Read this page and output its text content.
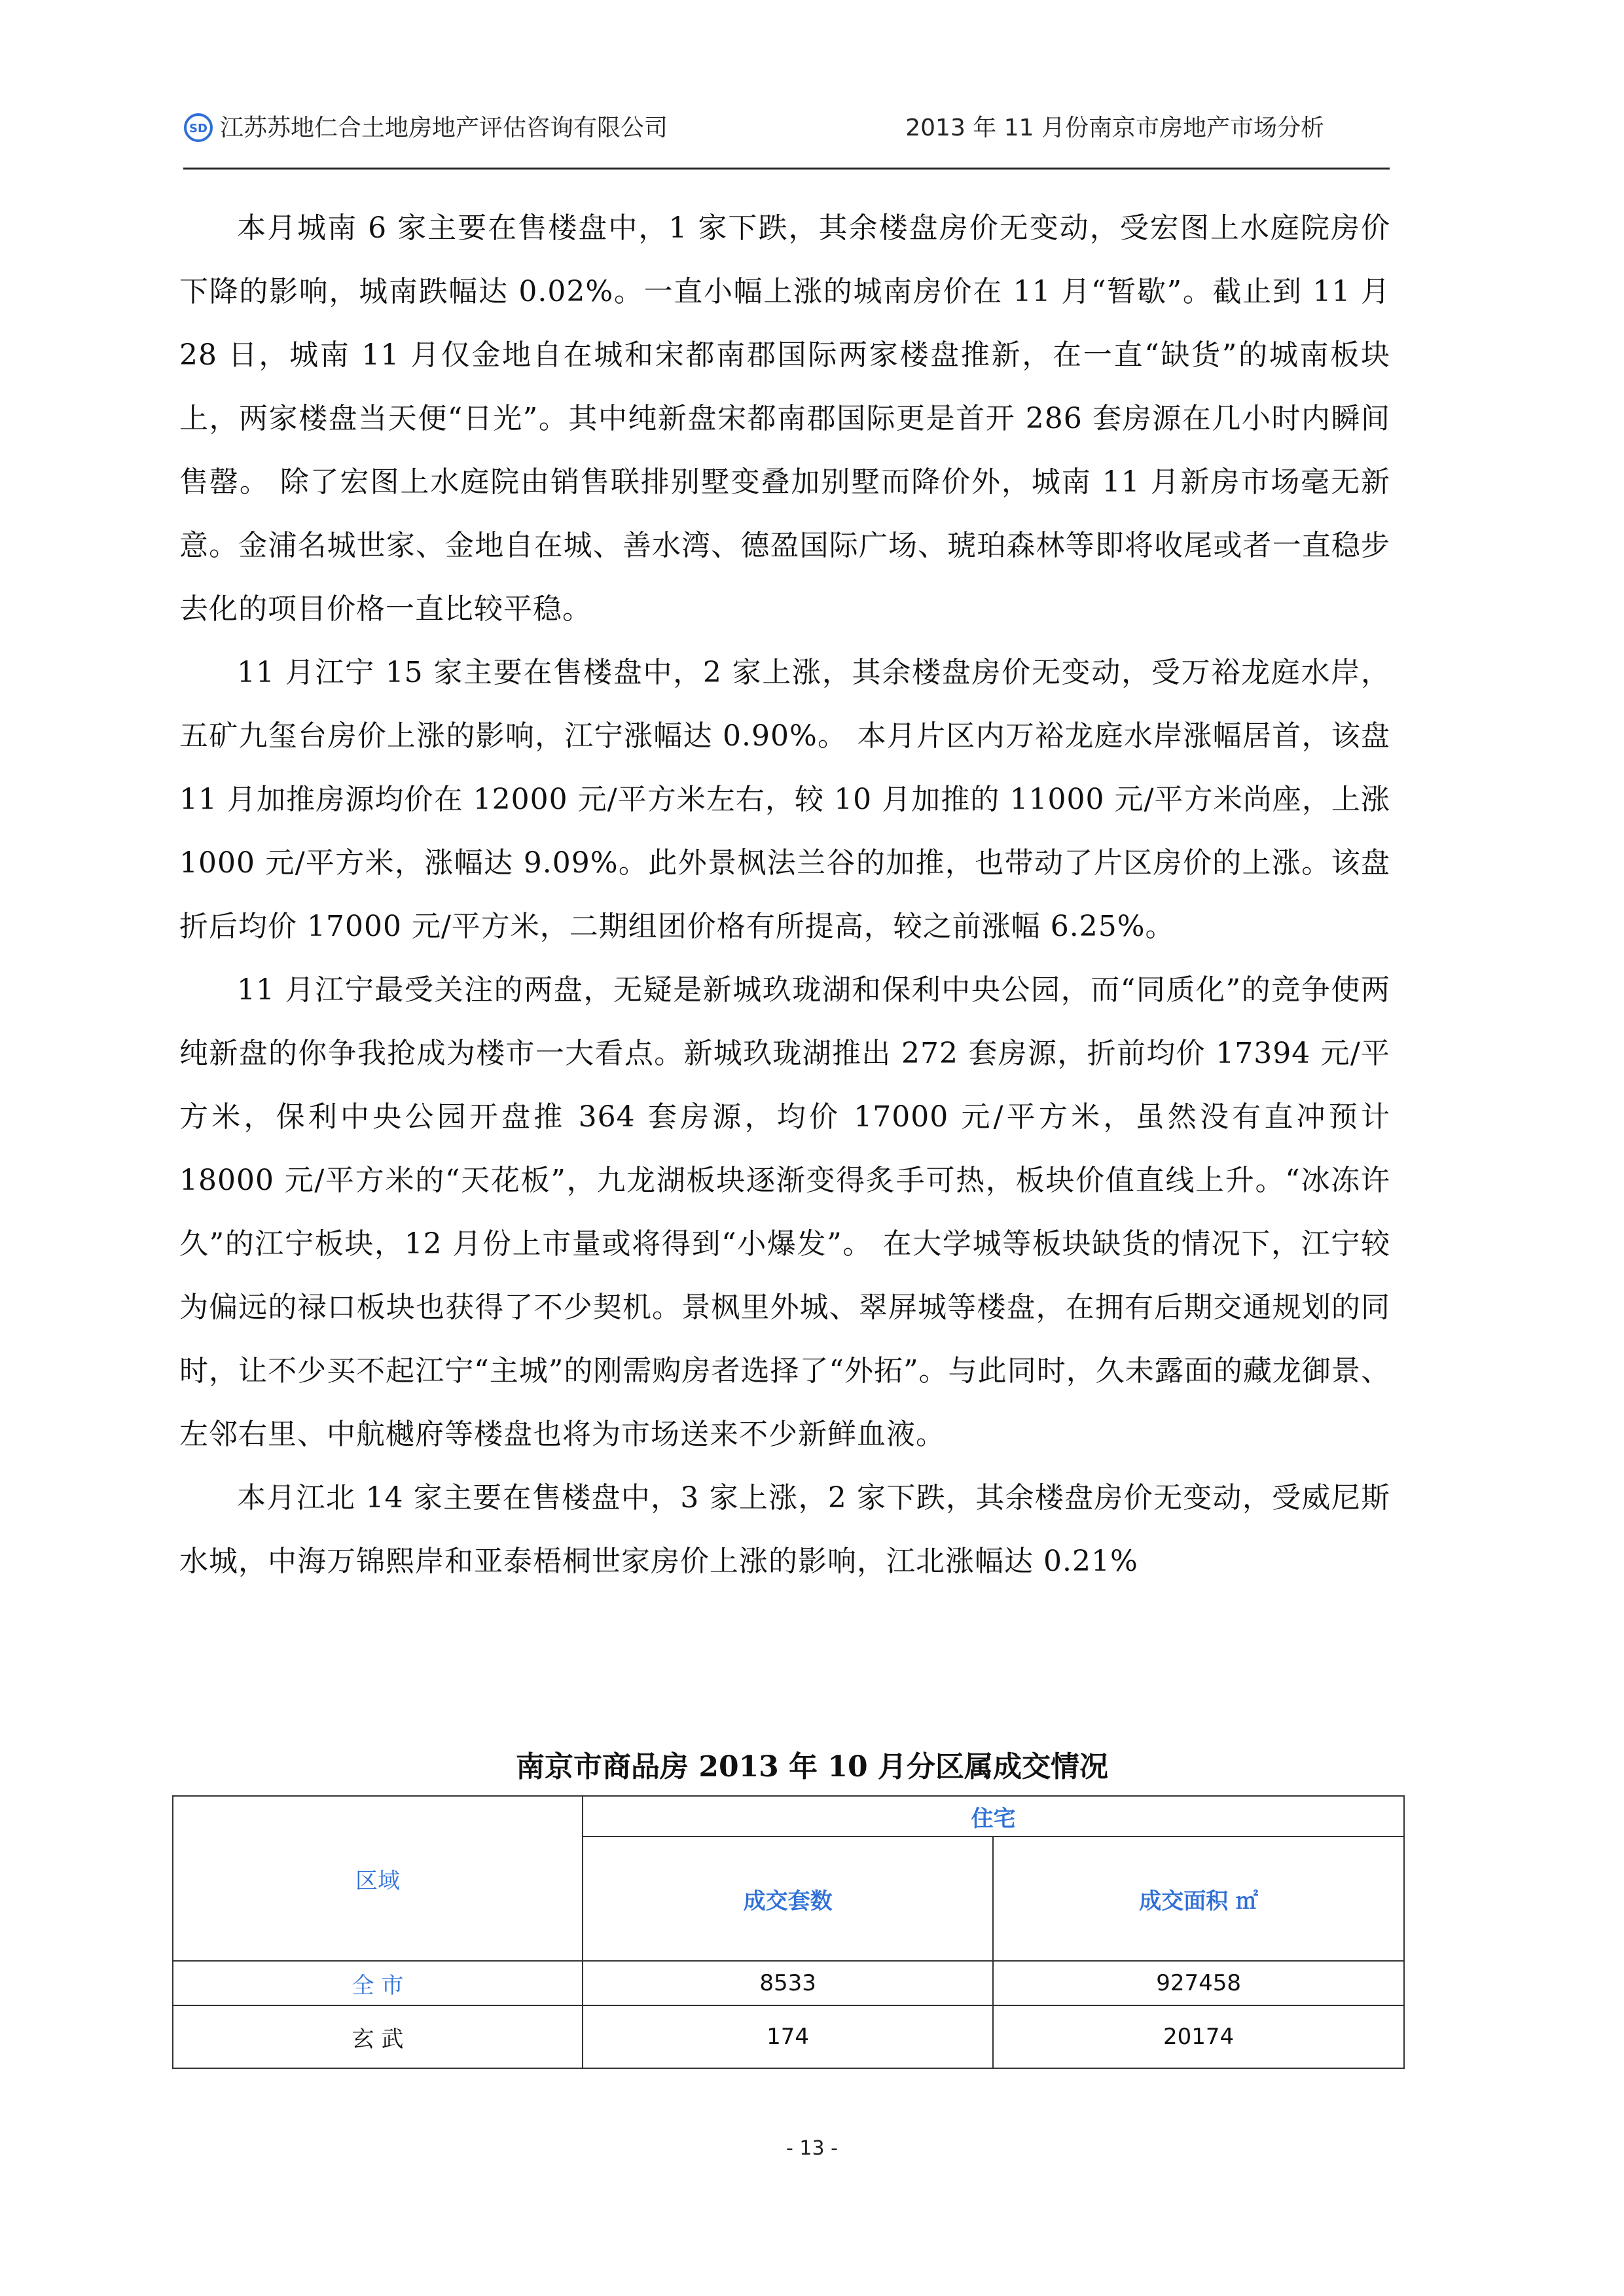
SD 江苏苏地仁合土地房地产评估咨询有限公司	2013 年 11 月份南京市房地产市场分析

本月城南 6 家主要在售楼盘中，1 家下跌，其余楼盘房价无变动，受宏图上水庭院房价下降的影响，城南跌幅达 0.02%。一直小幅上涨的城南房价在 11 月“暂歇”。截止到 11 月 28 日，城南 11 月仅金地自在城和宋都南郡国际两家楼盘推新，在一直“缺货”的城南板块上，两家楼盘当天便“日光”。其中纯新盘宋都南郡国际更是首开 286 套房源在几小时内瞬间售罄。 除了宏图上水庭院由销售联排别墅变叠加别墅而降价外，城南 11 月新房市场毫无新意。金浦名城世家、金地自在城、善水湾、德盈国际广场、琥珀森林等即将收尾或者一直稳步去化的项目价格一直比较平稳。

11 月江宁 15 家主要在售楼盘中，2 家上涨，其余楼盘房价无变动，受万裕龙庭水岸，五矿九玺台房价上涨的影响，江宁涨幅达 0.90%。 本月片区内万裕龙庭水岸涨幅居首，该盘 11 月加推房源均价在 12000 元/平方米左右，较 10 月加推的 11000 元/平方米尚座，上涨 1000 元/平方米，涨幅达 9.09%。此外景枫法兰谷的加推，也带动了片区房价的上涨。该盘折后均价 17000 元/平方米，二期组团价格有所提高，较之前涨幅 6.25%。

11 月江宁最受关注的两盘，无疑是新城玖珑湖和保利中央公园，而“同质化”的竞争使两纯新盘的你争我抢成为楼市一大看点。新城玖珑湖推出 272 套房源，折前均价 17394 元/平方米，保利中央公园开盘推 364 套房源，均价 17000 元/平方米，虽然没有直冲预计 18000 元/平方米的“天花板”，九龙湖板块逐渐变得炙手可热，板块价值直线上升。“冰冻许久”的江宁板块，12 月份上市量或将得到“小爆发”。 在大学城等板块缺货的情况下，江宁较为偏远的禄口板块也获得了不少契机。景枫里外城、翠屏城等楼盘，在拥有后期交通规划的同时，让不少买不起江宁“主城”的刚需购房者选择了“外拓”。与此同时，久未露面的藏龙御景、左邻右里、中航樾府等楼盘也将为市场送来不少新鲜血液。

本月江北 14 家主要在售楼盘中，3 家上涨，2 家下跌，其余楼盘房价无变动，受威尼斯水城，中海万锦熙岸和亚泰梧桐世家房价上涨的影响，江北涨幅达 0.21%

南京市商品房 2013 年 10 月分区属成交情况
区域	住宅	
	成交套数	成交面积 ㎡
全 市	8533	927458
玄 武	174	20174
- 13 -
